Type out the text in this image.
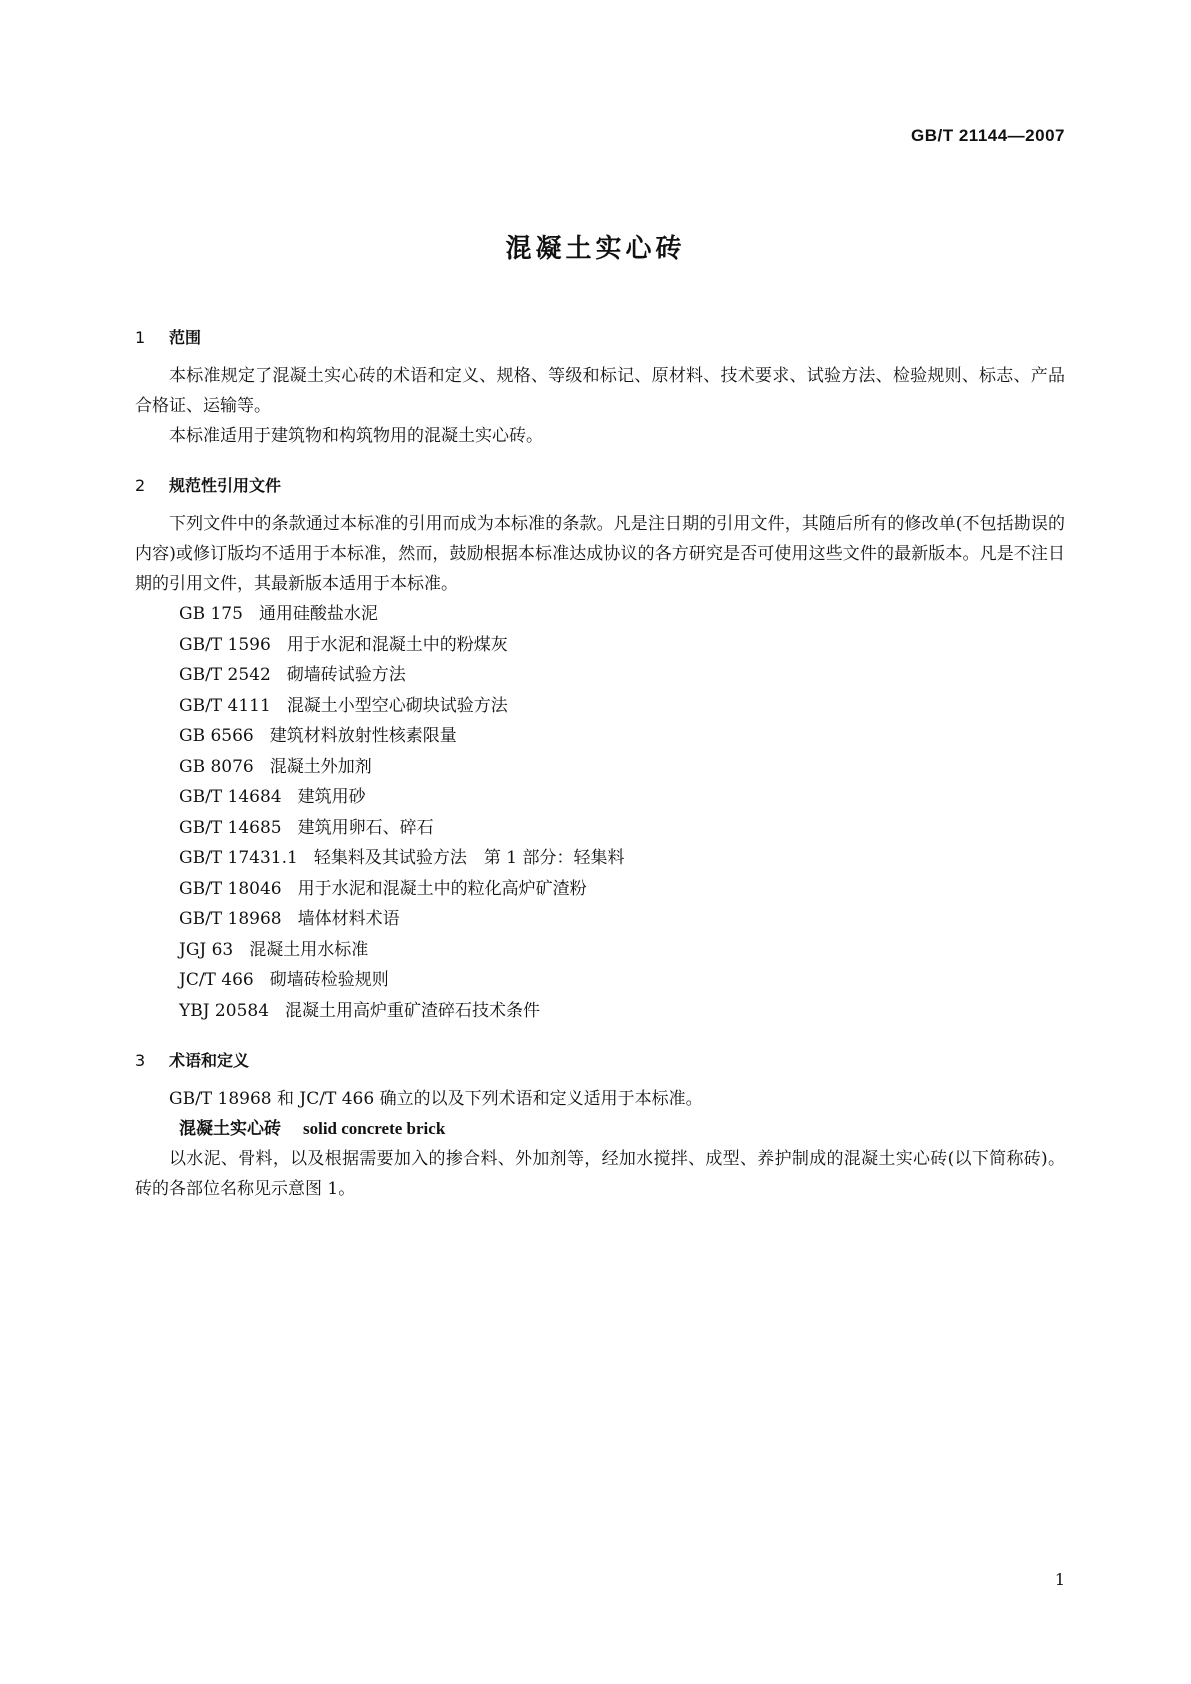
GB/T 21144—2007
混凝土实心砖
1 范围

本标准规定了混凝土实心砖的术语和定义、规格、等级和标记、原材料、技术要求、试验方法、检验规则、标志、产品合格证、运输等。

本标准适用于建筑物和构筑物用的混凝土实心砖。

2 规范性引用文件

下列文件中的条款通过本标准的引用而成为本标准的条款。凡是注日期的引用文件，其随后所有的修改单(不包括勘误的内容)或修订版均不适用于本标准，然而，鼓励根据本标准达成协议的各方研究是否可使用这些文件的最新版本。凡是不注日期的引用文件，其最新版本适用于本标准。

GB 175 通用硅酸盐水泥
GB/T 1596 用于水泥和混凝土中的粉煤灰
GB/T 2542 砌墙砖试验方法
GB/T 4111 混凝土小型空心砌块试验方法
GB 6566 建筑材料放射性核素限量
GB 8076 混凝土外加剂
GB/T 14684 建筑用砂
GB/T 14685 建筑用卵石、碎石
GB/T 17431.1 轻集料及其试验方法　第 1 部分：轻集料
GB/T 18046 用于水泥和混凝土中的粒化高炉矿渣粉
GB/T 18968 墙体材料术语
JGJ 63 混凝土用水标准
JC/T 466 砌墙砖检验规则
YBJ 20584 混凝土用高炉重矿渣碎石技术条件
3 术语和定义

GB/T 18968 和 JC/T 466 确立的以及下列术语和定义适用于本标准。

混凝土实心砖 solid concrete brick

以水泥、骨料，以及根据需要加入的掺合料、外加剂等，经加水搅拌、成型、养护制成的混凝土实心砖(以下简称砖)。砖的各部位名称见示意图 1。

1
